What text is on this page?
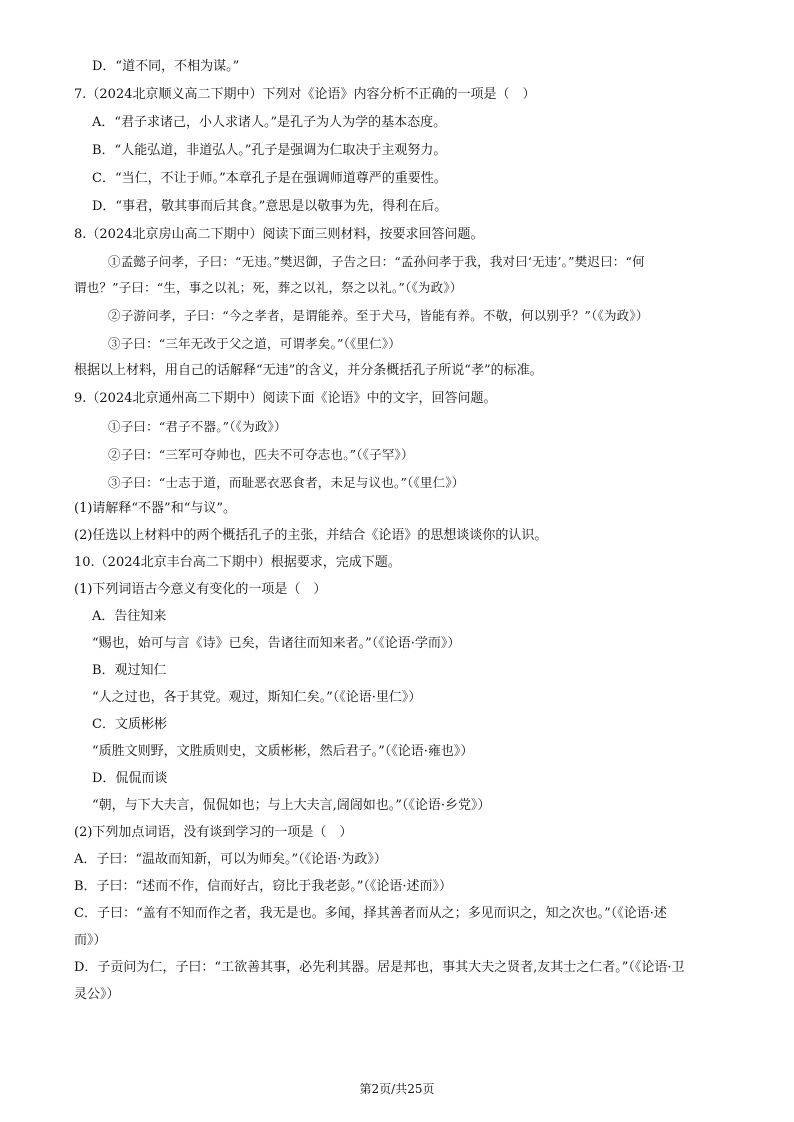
D．“道不同，不相为谋。”
7.（2024北京顺义高二下期中）下列对《论语》内容分析不正确的一项是（　）
A．“君子求诸己，小人求诸人。”是孔子为人为学的基本态度。
B．“人能弘道，非道弘人。”孔子是强调为仁取决于主观努力。
C．“当仁，不让于师。”本章孔子是在强调师道尊严的重要性。
D．“事君，敬其事而后其食。”意思是以敬事为先，得利在后。
8.（2024北京房山高二下期中）阅读下面三则材料，按要求回答问题。
①孟懿子问孝，子曰：“无违。”樊迟御，子告之曰：“孟孙问孝于我，我对曰‘无违’。”樊迟曰：“何
谓也？”子曰：“生，事之以礼；死，葬之以礼，祭之以礼。”（《为政》）
②子游问孝，子曰：“今之孝者，是谓能养。至于犬马，皆能有养。不敬，何以别乎？”（《为政》）
③子曰：“三年无改于父之道，可谓孝矣。”（《里仁》）
根据以上材料，用自己的话解释“无违”的含义，并分条概括孔子所说“孝”的标准。
9.（2024北京通州高二下期中）阅读下面《论语》中的文字，回答问题。
①子曰：“君子不器。”（《为政》）
②子曰：“三军可夺帅也，匹夫不可夺志也。”（《子罕》）
③子曰：“士志于道，而耻恶衣恶食者，未足与议也。”（《里仁》）
(1)请解释“不器”和“与议”。
(2)任选以上材料中的两个概括孔子的主张，并结合《论语》的思想谈谈你的认识。
10.（2024北京丰台高二下期中）根据要求，完成下题。
(1)下列词语古今意义有变化的一项是（　）
A．告往知来
“赐也，始可与言《诗》已矣，告诸往而知来者。”（《论语·学而》）
B．观过知仁
“人之过也，各于其党。观过，斯知仁矣。”（《论语·里仁》）
C．文质彬彬
“质胜文则野，文胜质则史，文质彬彬，然后君子。”（《论语·雍也》）
D．侃侃而谈
“朝，与下大夫言，侃侃如也；与上大夫言,訚訚如也。”（《论语·乡党》）
(2)下列加点词语，没有谈到学习的一项是（　）
A．子曰：“温故而知新，可以为师矣。”（《论语·为政》）
B．子曰：“述而不作，信而好古，窃比于我老彭。”（《论语·述而》）
C．子曰：“盖有不知而作之者，我无是也。多闻，择其善者而从之；多见而识之，知之次也。”（《论语·述
而》）
D．子贡问为仁，子曰：“工欲善其事，必先利其器。居是邦也，事其大夫之贤者,友其士之仁者。”（《论语·卫
灵公》）
第2页/共25页
